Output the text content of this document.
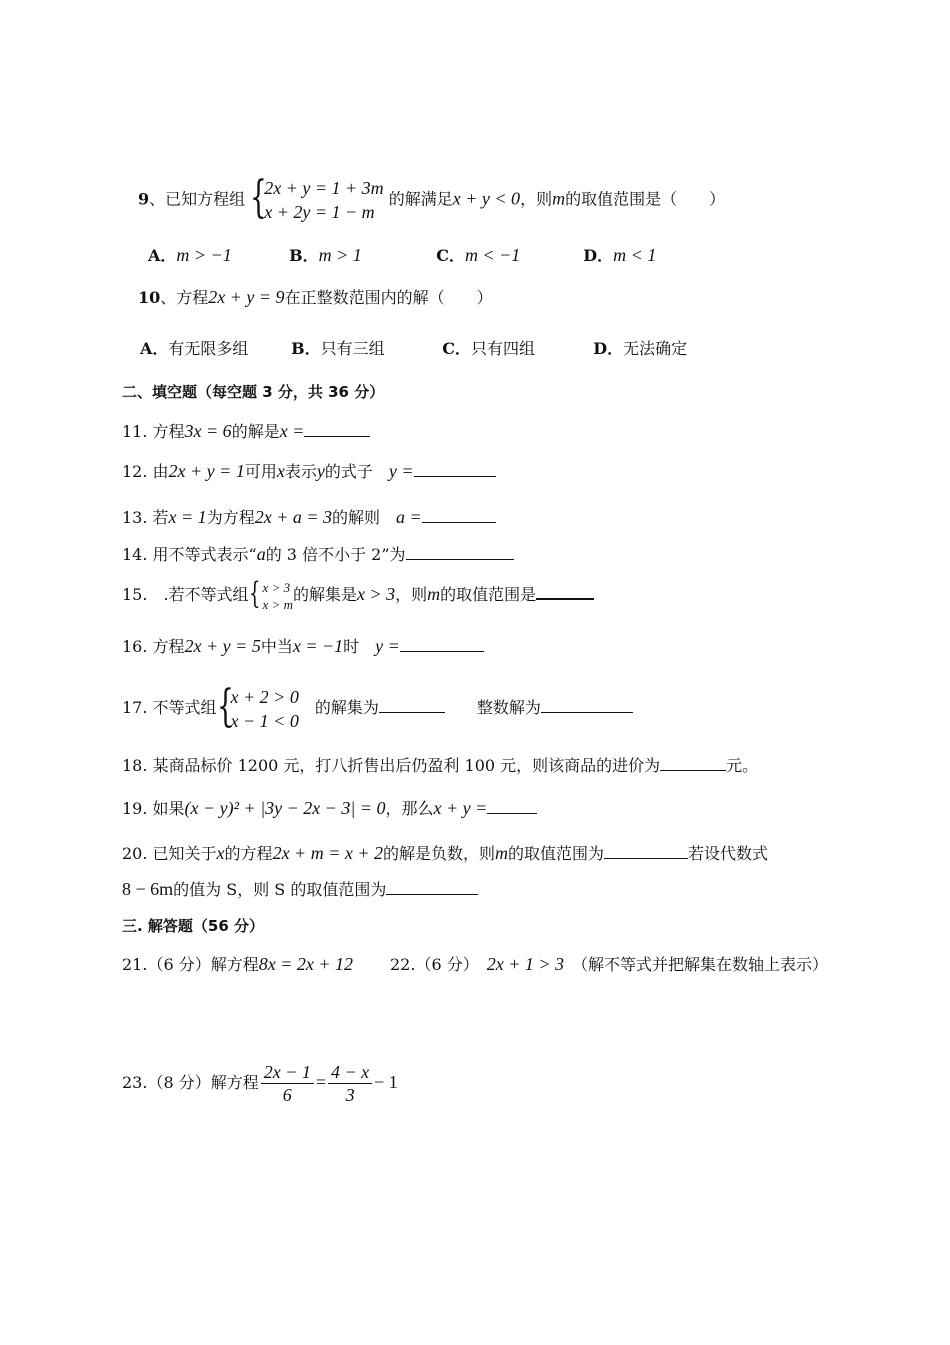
9、已知方程组 {
2x + y = 1 + 3m
x + 2y = 1 − m
的解满足x + y < 0，则m的取值范围是（　　）
A．m > −1	B．m > 1	C．m < −1	D．m < 1
10、方程2x + y = 9在正整数范围内的解（　　）
A．有无限多组	B．只有三组	C．只有四组	D．无法确定
二、填空题（每空题 3 分，共 36 分）
11. 方程3x = 6的解是x =
12. 由2x + y = 1可用x表示y的式子　 y =
13. 若x = 1为方程2x + a = 3的解则　 a =
14. 用不等式表示“a的 3 倍不小于 2”为
15.　.若不等式组 { x > 3
x > m 的解集是x > 3，则m的取值范围是
16. 方程2x + y = 5中当x = −1时　 y =
17. 不等式组 {
x + 2 > 0
x − 1 < 0
　的解集为　　	整数解为
18. 某商品标价 1200 元，打八折售出后仍盈利 100 元，则该商品的进价为	元。
19. 如果(x − y)² + |3y − 2x − 3| = 0，那么x + y =
20. 已知关于x的方程2x + m = x + 2的解是负数，则m的取值范围为	若设代数式
8 − 6m的值为 S，则 S 的取值范围为
三. 解答题（56 分）
21.（6 分）解方程8x = 2x + 12 22.（6 分）　 2x + 1 > 3　 （解不等式并把解集在数轴上表示）
23.（8 分）解方程 $\frac{2x - 1}{6} = \frac{4 - x}{3} - 1$
